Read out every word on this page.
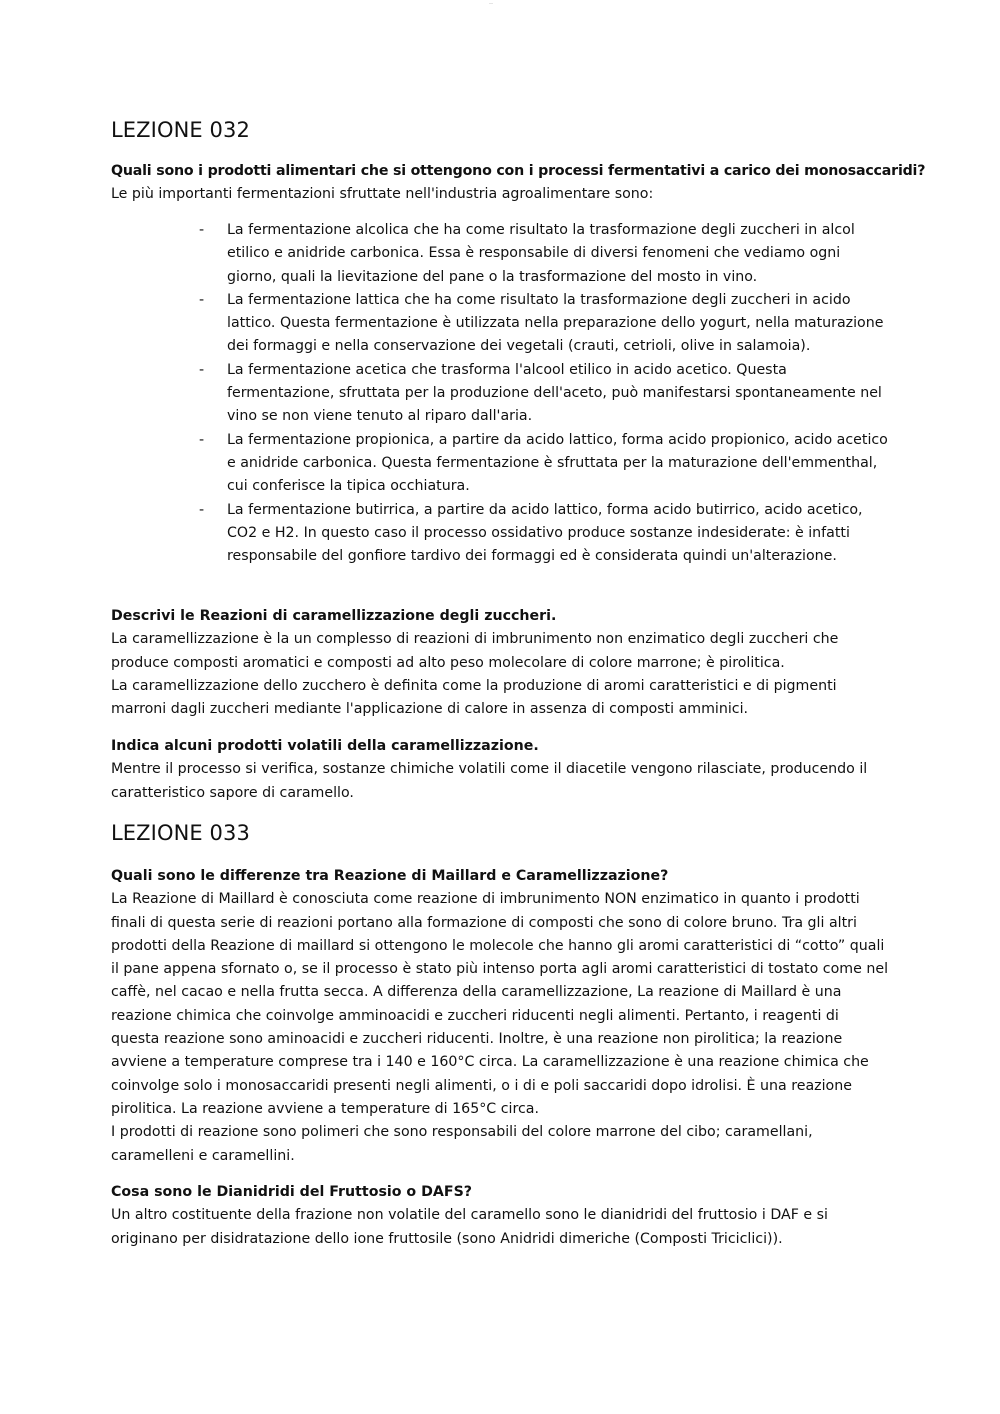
—
LEZIONE 032

Quali sono i prodotti alimentari che si ottengono con i processi fermentativi a carico dei monosaccaridi?

Le più importanti fermentazioni sfruttate nell'industria agroalimentare sono:

- La fermentazione alcolica che ha come risultato la trasformazione degli zuccheri in alcol etilico e anidride carbonica. Essa è responsabile di diversi fenomeni che vediamo ogni giorno, quali la lievitazione del pane o la trasformazione del mosto in vino.
- La fermentazione lattica che ha come risultato la trasformazione degli zuccheri in acido lattico. Questa fermentazione è utilizzata nella preparazione dello yogurt, nella maturazione dei formaggi e nella conservazione dei vegetali (crauti, cetrioli, olive in salamoia).
- La fermentazione acetica che trasforma l'alcool etilico in acido acetico. Questa fermentazione, sfruttata per la produzione dell'aceto, può manifestarsi spontaneamente nel vino se non viene tenuto al riparo dall'aria.
- La fermentazione propionica, a partire da acido lattico, forma acido propionico, acido acetico e anidride carbonica. Questa fermentazione è sfruttata per la maturazione dell'emmenthal, cui conferisce la tipica occhiatura.
- La fermentazione butirrica, a partire da acido lattico, forma acido butirrico, acido acetico, CO2 e H2. In questo caso il processo ossidativo produce sostanze indesiderate: è infatti responsabile del gonfiore tardivo dei formaggi ed è considerata quindi un'alterazione.

Descrivi le Reazioni di caramellizzazione degli zuccheri.

La caramellizzazione è la un complesso di reazioni di imbrunimento non enzimatico degli zuccheri che produce composti aromatici e composti ad alto peso molecolare di colore marrone; è pirolitica.

La caramellizzazione dello zucchero è definita come la produzione di aromi caratteristici e di pigmenti marroni dagli zuccheri mediante l'applicazione di calore in assenza di composti amminici.

Indica alcuni prodotti volatili della caramellizzazione.

Mentre il processo si verifica, sostanze chimiche volatili come il diacetile vengono rilasciate, producendo il caratteristico sapore di caramello.

LEZIONE 033

Quali sono le differenze tra Reazione di Maillard e Caramellizzazione?

La Reazione di Maillard è conosciuta come reazione di imbrunimento NON enzimatico in quanto i prodotti finali di questa serie di reazioni portano alla formazione di composti che sono di colore bruno. Tra gli altri prodotti della Reazione di maillard si ottengono le molecole che hanno gli aromi caratteristici di “cotto” quali il pane appena sfornato o, se il processo è stato più intenso porta agli aromi caratteristici di tostato come nel caffè, nel cacao e nella frutta secca. A differenza della caramellizzazione, La reazione di Maillard è una reazione chimica che coinvolge amminoacidi e zuccheri riducenti negli alimenti. Pertanto, i reagenti di questa reazione sono aminoacidi e zuccheri riducenti. Inoltre, è una reazione non pirolitica; la reazione avviene a temperature comprese tra i 140 e 160°C circa. La caramellizzazione è una reazione chimica che coinvolge solo i monosaccaridi presenti negli alimenti, o i di e poli saccaridi dopo idrolisi. È una reazione pirolitica. La reazione avviene a temperature di 165°C circa.

I prodotti di reazione sono polimeri che sono responsabili del colore marrone del cibo; caramellani, caramelleni e caramellini.

Cosa sono le Dianidridi del Fruttosio o DAFS?

Un altro costituente della frazione non volatile del caramello sono le dianidridi del fruttosio i DAF e si originano per disidratazione dello ione fruttosile (sono Anidridi dimeriche (Composti Triciclici)).
